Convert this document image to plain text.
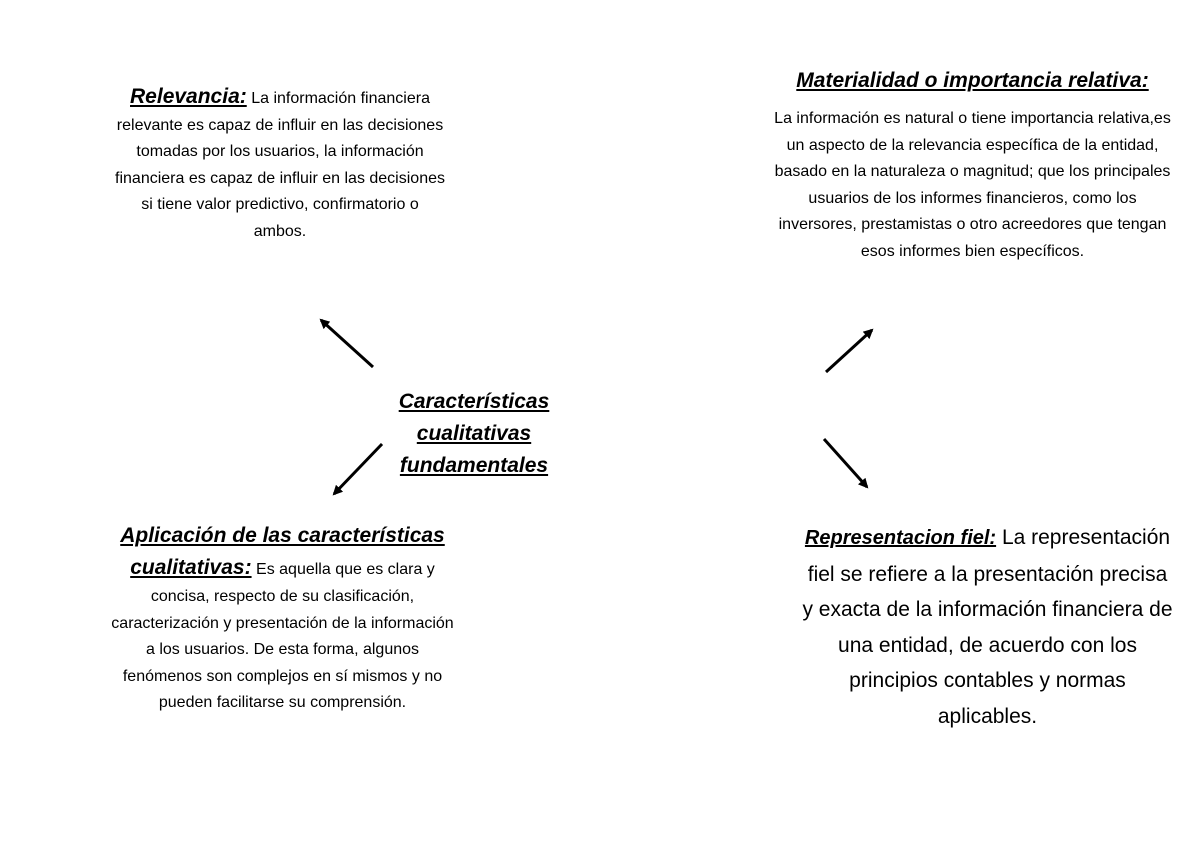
Relevancia: La información financiera relevante es capaz de influir en las decisiones tomadas por los usuarios, la información financiera es capaz de influir en las decisiones si tiene valor predictivo, confirmatorio o ambos.
Materialidad o importancia relativa:
La información es natural o tiene importancia relativa,es un aspecto de la relevancia específica de la entidad, basado en la naturaleza o magnitud; que los principales usuarios de los informes financieros, como los inversores, prestamistas o otro acreedores que tengan esos informes bien específicos.
Características cualitativas fundamentales
Aplicación de las características cualitativas: Es aquella que es clara y concisa, respecto de su clasificación, caracterización y presentación de la información a los usuarios. De esta forma, algunos fenómenos son complejos en sí mismos y no pueden facilitarse su comprensión.
Representacion fiel: La representación fiel se refiere a la presentación precisa y exacta de la información financiera de una entidad, de acuerdo con los principios contables y normas aplicables.
